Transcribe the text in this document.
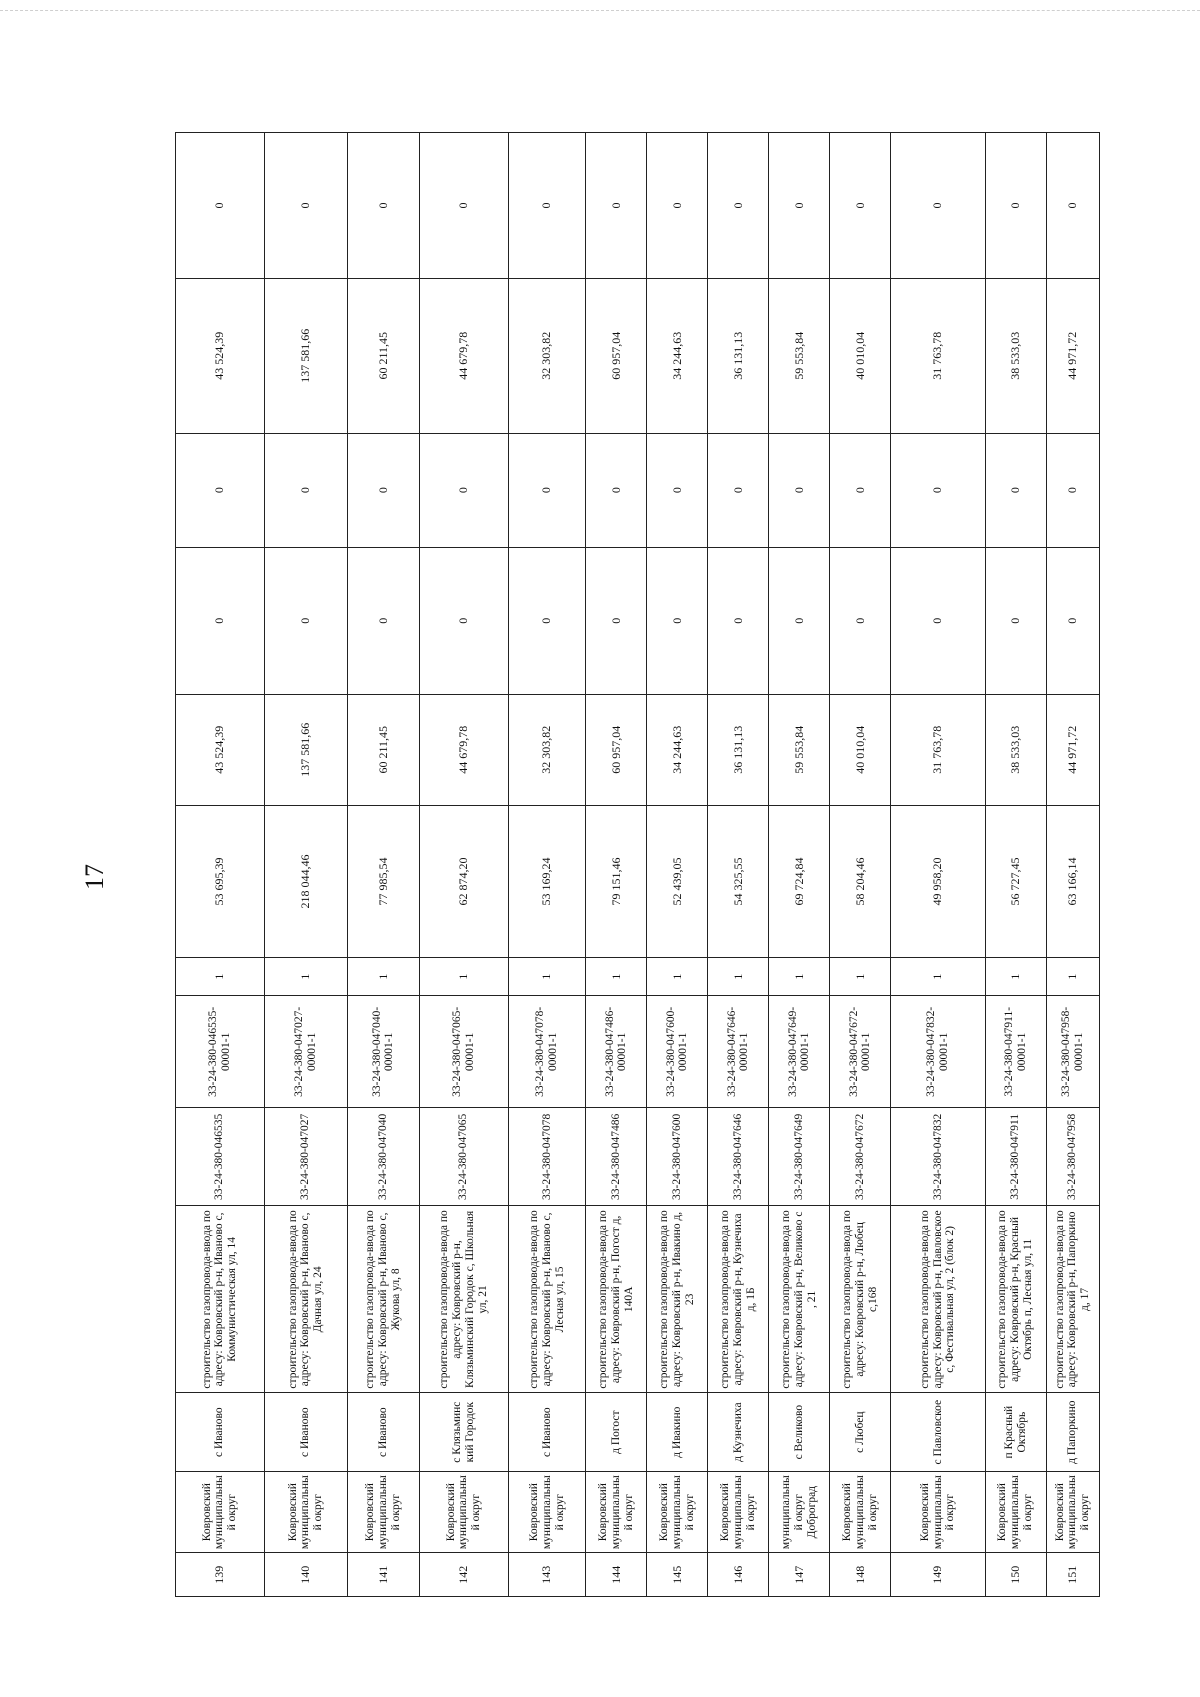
17
139	Ковровский муниципальны й округ	с Иваново	строительство газопровода-ввода по адресу: Ковровский р-н, Иваново с, Коммунистическая ул, 14	33-24-380-046535	33-24-380-046535-00001-1	1	53 695,39	43 524,39	0	0	43 524,39	0
140	Ковровский муниципальны й округ	с Иваново	строительство газопровода-ввода по адресу: Ковровский р-н, Иваново с, Дачная ул, 24	33-24-380-047027	33-24-380-047027-00001-1	1	218 044,46	137 581,66	0	0	137 581,66	0
141	Ковровский муниципальны й округ	с Иваново	строительство газопровода-ввода по адресу: Ковровский р-н, Иваново с, Жукова ул, 8	33-24-380-047040	33-24-380-047040-00001-1	1	77 985,54	60 211,45	0	0	60 211,45	0
142	Ковровский муниципальны й округ	с Клязьминс кий Городок	строительство газопровода-ввода по адресу: Ковровский р-н, Клязьминский Городок с, Школьная ул, 21	33-24-380-047065	33-24-380-047065-00001-1	1	62 874,20	44 679,78	0	0	44 679,78	0
143	Ковровский муниципальны й округ	с Иваново	строительство газопровода-ввода по адресу: Ковровский р-н, Иваново с, Лесная ул, 15	33-24-380-047078	33-24-380-047078-00001-1	1	53 169,24	32 303,82	0	0	32 303,82	0
144	Ковровский муниципальны й округ	д Погост	строительство газопровода-ввода по адресу: Ковровский р-н, Погост д, 140А	33-24-380-047486	33-24-380-047486-00001-1	1	79 151,46	60 957,04	0	0	60 957,04	0
145	Ковровский муниципальны й округ	д Ивакино	строительство газопровода-ввода по адресу: Ковровский р-н, Ивакино д, 23	33-24-380-047600	33-24-380-047600-00001-1	1	52 439,05	34 244,63	0	0	34 244,63	0
146	Ковровский муниципальны й округ	д Кузнечиха	строительство газопровода-ввода по адресу: Ковровский р-н, Кузнечиха д, 1Б	33-24-380-047646	33-24-380-047646-00001-1	1	54 325,55	36 131,13	0	0	36 131,13	0
147	муниципальны й округ Доброград	с Великово	строительство газопровода-ввода по адресу: Ковровский р-н, Великово с , 21	33-24-380-047649	33-24-380-047649-00001-1	1	69 724,84	59 553,84	0	0	59 553,84	0
148	Ковровский муниципальны й округ	с Любец	строительство газопровода-ввода по адресу: Ковровский р-н, Любец с,168	33-24-380-047672	33-24-380-047672-00001-1	1	58 204,46	40 010,04	0	0	40 010,04	0
149	Ковровский муниципальны й округ	с Павловское	строительство газопровода-ввода по адресу: Ковровский р-н, Павловское с, Фестивальная ул, 2 (блок 2)	33-24-380-047832	33-24-380-047832-00001-1	1	49 958,20	31 763,78	0	0	31 763,78	0
150	Ковровский муниципальны й округ	п Красный Октябрь	строительство газопровода-ввода по адресу: Ковровский р-н, Красный Октябрь п, Лесная ул, 11	33-24-380-047911	33-24-380-047911-00001-1	1	56 727,45	38 533,03	0	0	38 533,03	0
151	Ковровский муниципальны й округ	д Папоркино	строительство газопровода-ввода по адресу: Ковровский р-н, Папоркино д, 17	33-24-380-047958	33-24-380-047958-00001-1	1	63 166,14	44 971,72	0	0	44 971,72	0
